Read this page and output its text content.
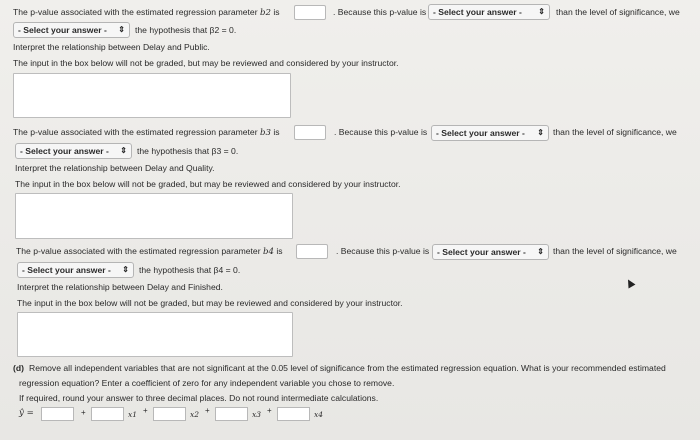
The p-value associated with the estimated regression parameter b2 is	. Because this p-value is - Select your answer - ⇕ than the level of significance, we
- Select your answer - ⇕ the hypothesis that β2 = 0.
Interpret the relationship between Delay and Public.
The input in the box below will not be graded, but may be reviewed and considered by your instructor.
The p-value associated with the estimated regression parameter b3 is	. Because this p-value is	- Select your answer - ⇕ than the level of significance, we
- Select your answer - ⇕ the hypothesis that β3 = 0.
Interpret the relationship between Delay and Quality.
The input in the box below will not be graded, but may be reviewed and considered by your instructor.
The p-value associated with the estimated regression parameter b4 is	. Because this p-value is - Select your answer - ⇕ than the level of significance, we
- Select your answer - ⇕ the hypothesis that β4 = 0.
Interpret the relationship between Delay and Finished.
The input in the box below will not be graded, but may be reviewed and considered by your instructor.
(d) Remove all independent variables that are not significant at the 0.05 level of significance from the estimated regression equation. What is your recommended estimated
regression equation? Enter a coefficient of zero for any independent variable you chose to remove.
If required, round your answer to three decimal places. Do not round intermediate calculations.
ŷ =	+	x1 +	x2 +	x3 +	x4
